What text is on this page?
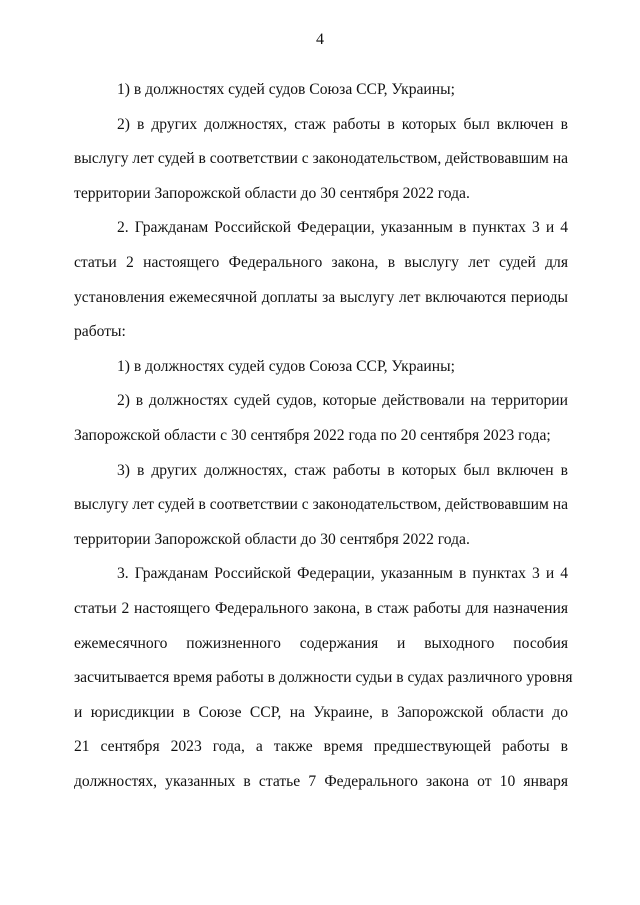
4
1) в должностях судей судов Союза ССР, Украины;
2) в других должностях, стаж работы в которых был включен в
выслугу лет судей в соответствии с законодательством, действовавшим на
территории Запорожской области до 30 сентября 2022 года.
2. Гражданам Российской Федерации, указанным в пунктах 3 и 4
статьи 2 настоящего Федерального закона, в выслугу лет судей для
установления ежемесячной доплаты за выслугу лет включаются периоды
работы:
1) в должностях судей судов Союза ССР, Украины;
2) в должностях судей судов, которые действовали на территории
Запорожской области с 30 сентября 2022 года по 20 сентября 2023 года;
3) в других должностях, стаж работы в которых был включен в
выслугу лет судей в соответствии с законодательством, действовавшим на
территории Запорожской области до 30 сентября 2022 года.
3. Гражданам Российской Федерации, указанным в пунктах 3 и 4
статьи 2 настоящего Федерального закона, в стаж работы для назначения
ежемесячного пожизненного содержания и выходного пособия
засчитывается время работы в должности судьи в судах различного уровня
и юрисдикции в Союзе ССР, на Украине, в Запорожской области до
21 сентября 2023 года, а также время предшествующей работы в
должностях, указанных в статье 7 Федерального закона от 10 января
